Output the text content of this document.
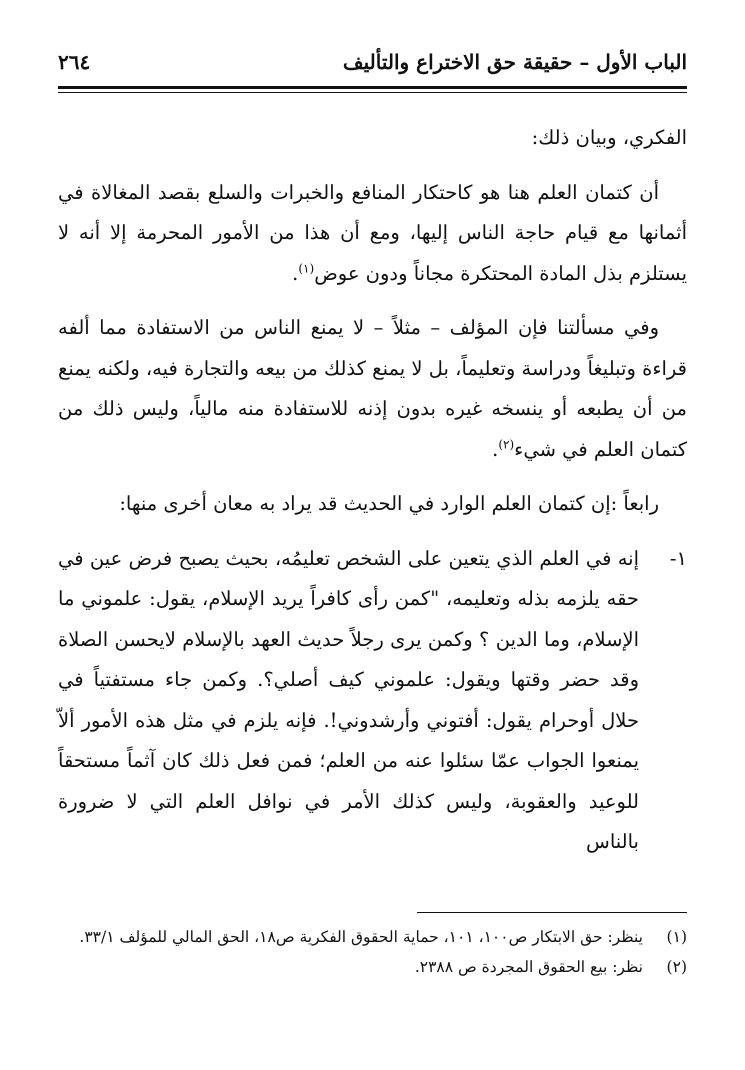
الباب الأول – حقيقة حق الاختراع والتأليف
٢٦٤

الفكري، وبيان ذلك:

أن كتمان العلم هنا هو كاحتكار المنافع والخبرات والسلع بقصد المغالاة في أثمانها مع قيام حاجة الناس إليها، ومع أن هذا من الأمور المحرمة إلا أنه لا يستلزم بذل المادة المحتكرة مجاناً ودون عوض$^{(١)}$.

وفي مسألتنا فإن المؤلف – مثلاً – لا يمنع الناس من الاستفادة مما ألفه قراءة وتبليغاً ودراسة وتعليماً، بل لا يمنع كذلك من بيعه والتجارة فيه، ولكنه يمنع من أن يطبعه أو ينسخه غيره بدون إذنه للاستفادة منه مالياً، وليس ذلك من كتمان العلم في شيء$^{(٢)}$.

رابعاً :إن كتمان العلم الوارد في الحديث قد يراد به معان أخرى منها:

١-
إنه في العلم الذي يتعين على الشخص تعليمُه، بحيث يصبح فرض عين في حقه يلزمه بذله وتعليمه، "كمن رأى كافراً يريد الإسلام، يقول: علموني ما الإسلام، وما الدين ؟ وكمن يرى رجلاً حديث العهد بالإسلام لايحسن الصلاة وقد حضر وقتها ويقول: علموني كيف أصلي؟. وكمن جاء مستفتياً في حلال أوحرام يقول: أفتوني وأرشدوني!. فإنه يلزم في مثل هذه الأمور ألاّ يمنعوا الجواب عمّا سئلوا عنه من العلم؛ فمن فعل ذلك كان آثماً مستحقاً للوعيد والعقوبة، وليس كذلك الأمر في نوافل العلم التي لا ضرورة بالناس
(١)
ينظر: حق الابتكار ص١٠٠، ١٠١، حماية الحقوق الفكرية ص١٨، الحق المالي للمؤلف ٣٣/١.
(٢)
نظر: بيع الحقوق المجردة ص ٢٣٨٨.
